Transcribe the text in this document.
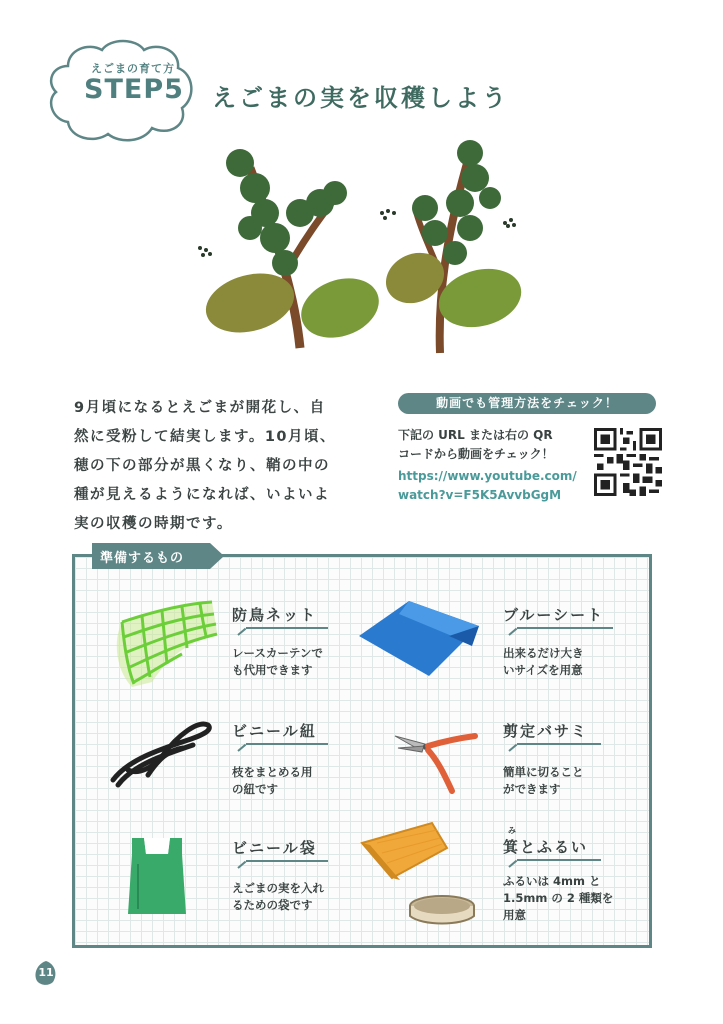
えごまの育て方
STEP5	えごまの実を収穫しよう
9月頃になるとえごまが開花し、自
然に受粉して結実します。10月頃、
穂の下の部分が黒くなり、鞘の中の
種が見えるようになれば、いよいよ
実の収穫の時期です。
動画でも管理方法をチェック！
下記の URL または右の QR
コードから動画をチェック！
https://www.youtube.com/
watch?v=F5K5AvvbGgM
準備するもの
防鳥ネット
レースカーテンで
も代用できます
ブルーシート
出来るだけ大き
いサイズを用意
ビニール紐
枝をまとめる用
の紐です
剪定バサミ
簡単に切ること
ができます
ビニール袋
えごまの実を入れ
るための袋です
み
箕とふるい
ふるいは 4mm と
1.5mm の 2 種類を
用意
11
